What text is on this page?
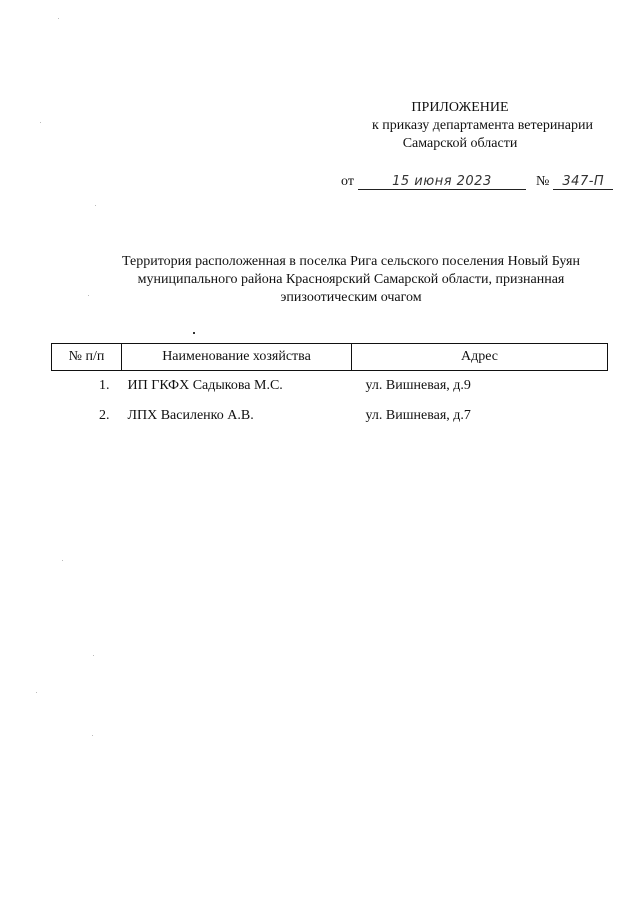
ПРИЛОЖЕНИЕ
к приказу департамента ветеринарии
Самарской области
от	15 июня 2023	№ 347-П
Территория расположенная в поселка Рига сельского поселения Новый Буян
муниципального района Красноярский Самарской области, признанная
эпизоотическим очагом
№ п/п	Наименование хозяйства	Адрес
1.	ИП ГКФХ Садыкова М.С.	ул. Вишневая, д.9
2.	ЛПХ Василенко А.В.	ул. Вишневая, д.7
